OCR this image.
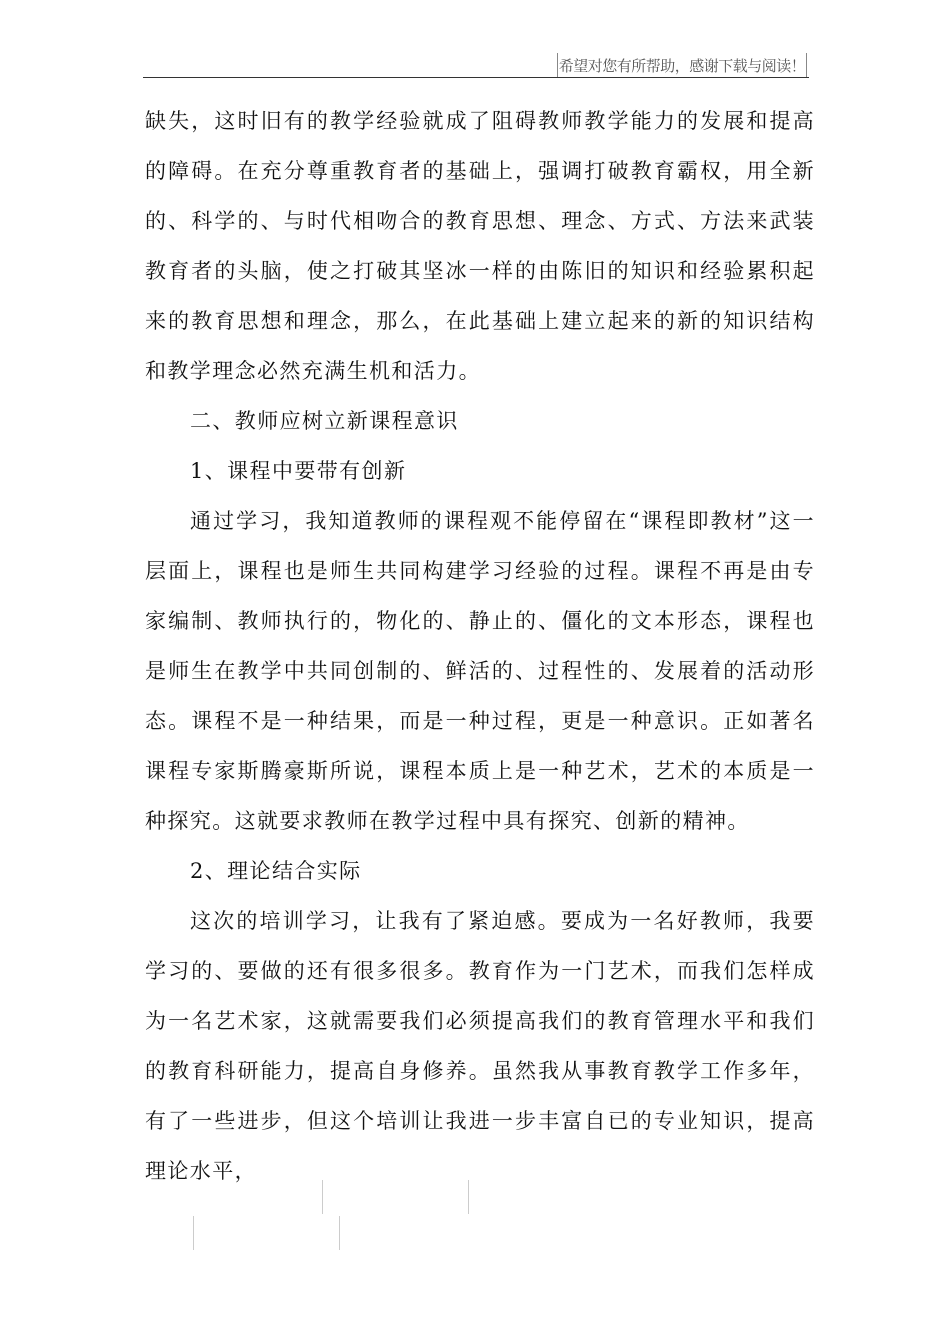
希望对您有所帮助，感谢下载与阅读！

缺失，这时旧有的教学经验就成了阻碍教师教学能力的发展和提高的障碍。在充分尊重教育者的基础上，强调打破教育霸权，用全新的、科学的、与时代相吻合的教育思想、理念、方式、方法来武装教育者的头脑，使之打破其坚冰一样的由陈旧的知识和经验累积起来的教育思想和理念，那么，在此基础上建立起来的新的知识结构和教学理念必然充满生机和活力。

二、教师应树立新课程意识

1、课程中要带有创新

通过学习，我知道教师的课程观不能停留在“课程即教材”这一层面上，课程也是师生共同构建学习经验的过程。课程不再是由专家编制、教师执行的，物化的、静止的、僵化的文本形态，课程也是师生在教学中共同创制的、鲜活的、过程性的、发展着的活动形态。课程不是一种结果，而是一种过程，更是一种意识。正如著名课程专家斯腾豪斯所说，课程本质上是一种艺术，艺术的本质是一种探究。这就要求教师在教学过程中具有探究、创新的精神。

2、理论结合实际

这次的培训学习，让我有了紧迫感。要成为一名好教师，我要学习的、要做的还有很多很多。教育作为一门艺术，而我们怎样成为一名艺术家，这就需要我们必须提高我们的教育管理水平和我们的教育科研能力，提高自身修养。虽然我从事教育教学工作多年，有了一些进步，但这个培训让我进一步丰富自已的专业知识，提高理论水平，
